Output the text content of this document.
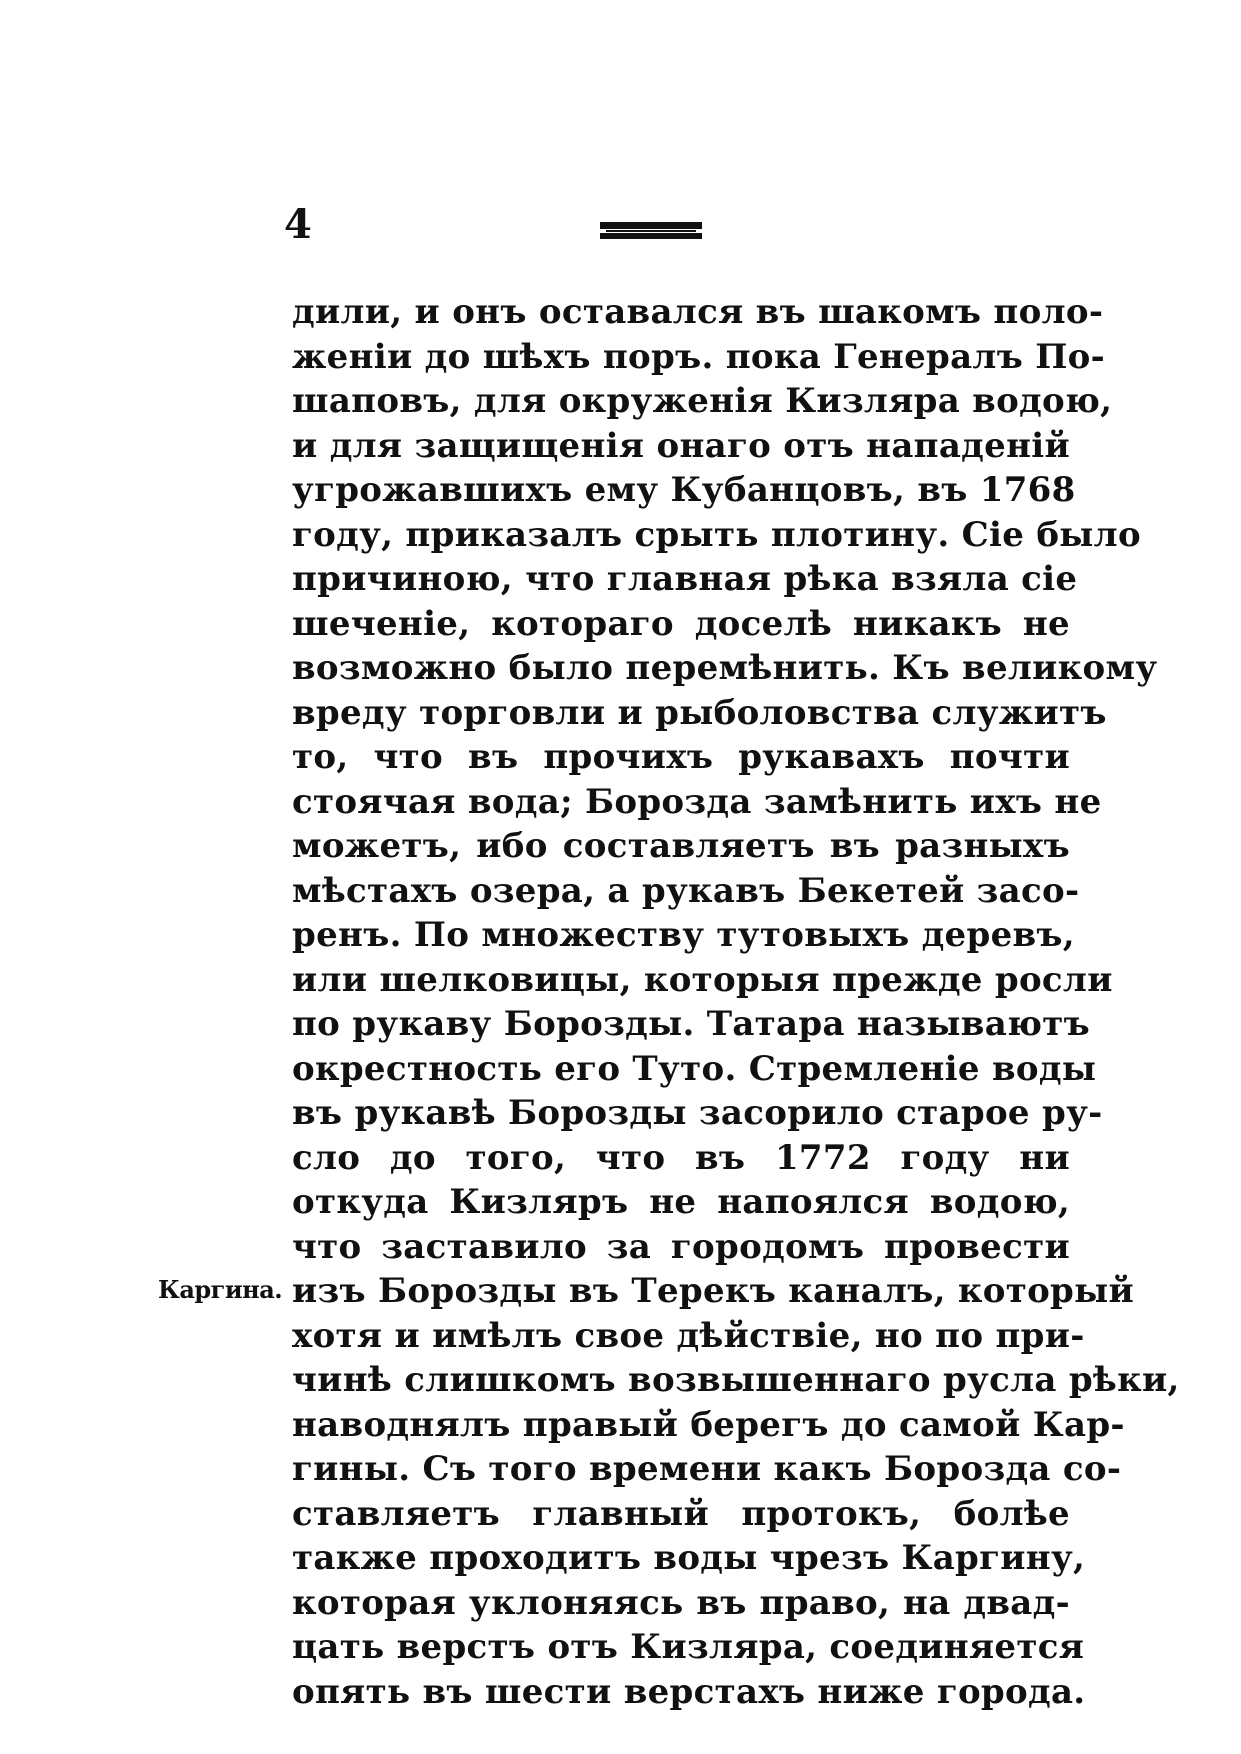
4
Каргина.
дили, и онъ оставался въ шакомъ поло-
женіи до шѣхъ поръ. пока Генералъ По-
шаповъ, для окруженія Кизляра водою,
и для защищенія онаго отъ нападеній
угрожавшихъ ему Кубанцовъ, въ 1768
году, приказалъ срыть плотину. Сіе было
причиною, что главная рѣка взяла сіе
шеченіе, котораго доселѣ никакъ не
возможно было перемѣнить. Къ великому
вреду торговли и рыболовства служитъ
то, что въ прочихъ рукавахъ почти
стоячая вода; Борозда замѣнить ихъ не
можетъ, ибо составляетъ въ разныхъ
мѣстахъ озера, а рукавъ Бекетей засо-
ренъ. По множеству тутовыхъ деревъ,
или шелковицы, которыя прежде росли
по рукаву Борозды. Татара называютъ
окрестность его Туто. Стремленіе воды
въ рукавѣ Борозды засорило старое ру-
сло до того, что въ 1772 году ни
откуда Кизляръ не напоялся водою,
что заставило за городомъ провести
изъ Борозды въ Терекъ каналъ, который
хотя и имѣлъ свое дѣйствіе, но по при-
чинѣ слишкомъ возвышеннаго русла рѣки,
наводнялъ правый берегъ до самой Кар-
гины. Съ того времени какъ Борозда со-
ставляетъ главный протокъ, болѣе
также проходитъ воды чрезъ Каргину,
которая уклоняясь въ право, на двад-
цать верстъ отъ Кизляра, соединяется
опять въ шести верстахъ ниже города.
